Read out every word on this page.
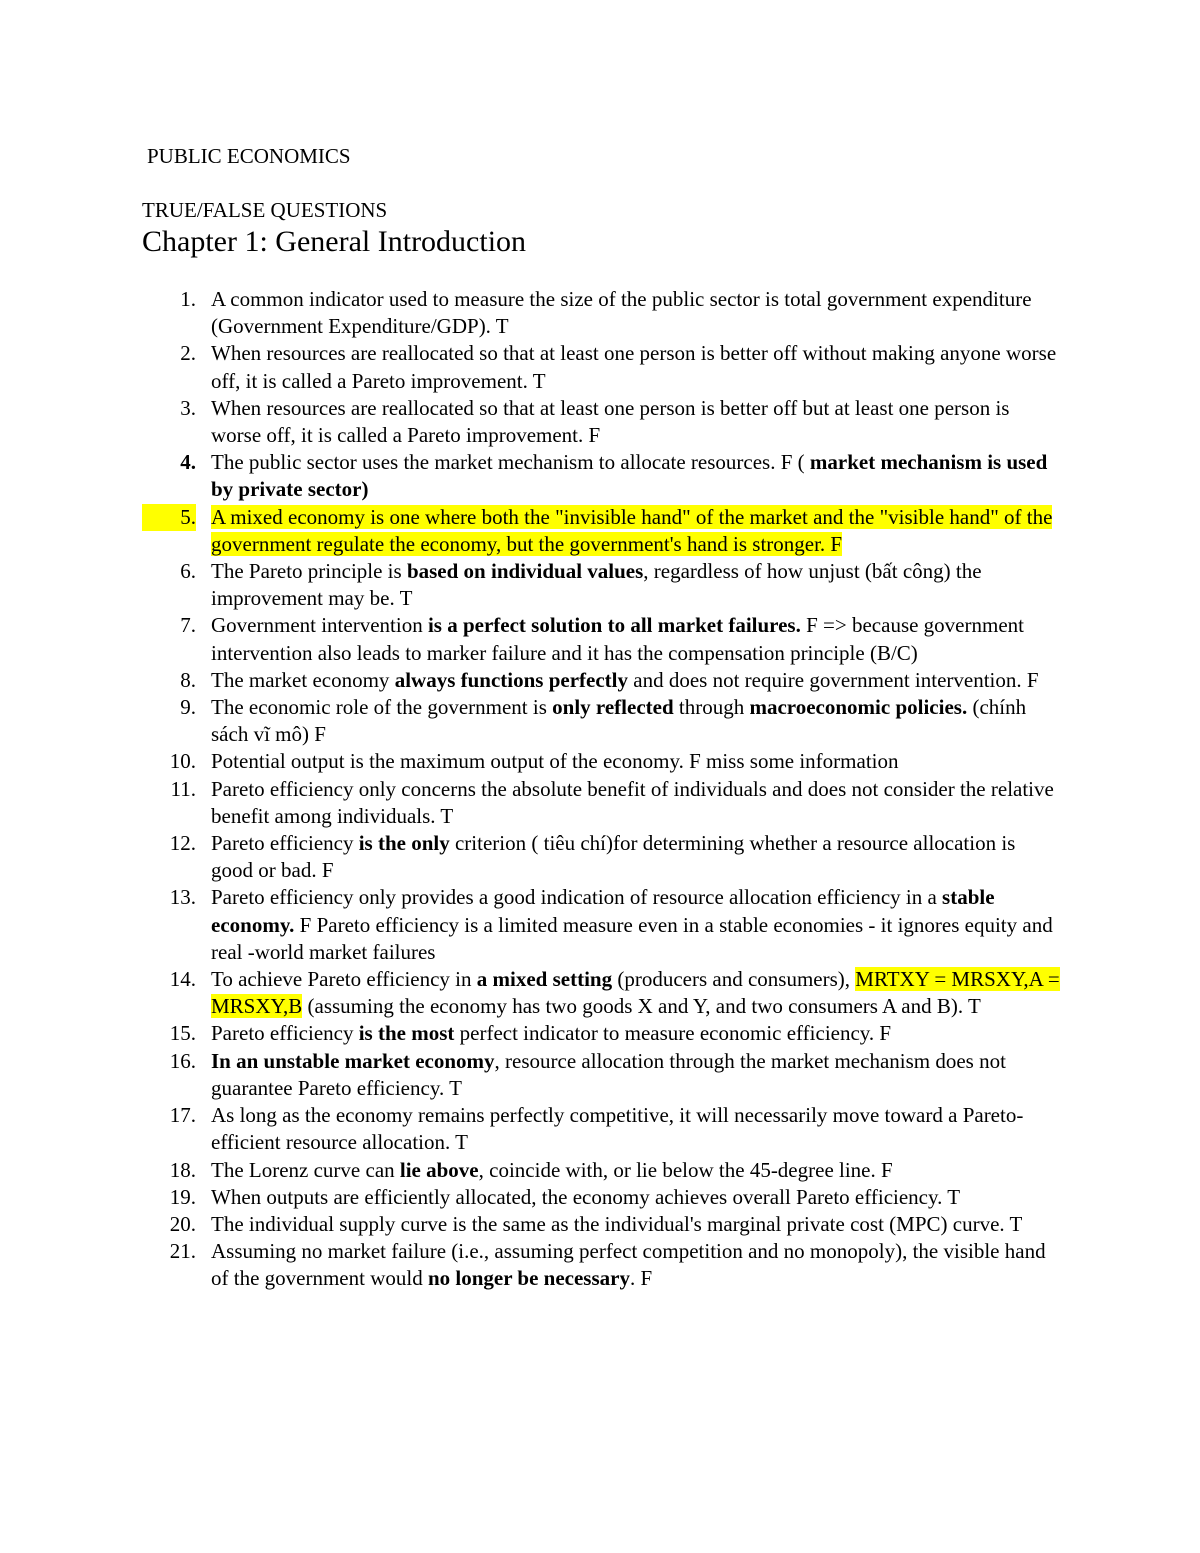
PUBLIC ECONOMICS
TRUE/FALSE QUESTIONS
Chapter 1: General Introduction
1. A common indicator used to measure the size of the public sector is total government expenditure (Government Expenditure/GDP). T
2. When resources are reallocated so that at least one person is better off without making anyone worse off, it is called a Pareto improvement. T
3. When resources are reallocated so that at least one person is better off but at least one person is worse off, it is called a Pareto improvement. F
4. The public sector uses the market mechanism to allocate resources. F ( market mechanism is used by private sector)
5. A mixed economy is one where both the "invisible hand" of the market and the "visible hand" of the government regulate the economy, but the government's hand is stronger. F
6. The Pareto principle is based on individual values, regardless of how unjust (bất công) the improvement may be. T
7. Government intervention is a perfect solution to all market failures. F => because government intervention also leads to marker failure and it has the compensation principle (B/C)
8. The market economy always functions perfectly and does not require government intervention. F
9. The economic role of the government is only reflected through macroeconomic policies. (chính sách vĩ mô) F
10. Potential output is the maximum output of the economy. F miss some information
11. Pareto efficiency only concerns the absolute benefit of individuals and does not consider the relative benefit among individuals. T
12. Pareto efficiency is the only criterion ( tiêu chí)for determining whether a resource allocation is good or bad. F
13. Pareto efficiency only provides a good indication of resource allocation efficiency in a stable economy. F Pareto efficiency is a limited measure even in a stable economies - it ignores equity and real -world market failures
14. To achieve Pareto efficiency in a mixed setting (producers and consumers), MRTXY = MRSXY,A = MRSXY,B (assuming the economy has two goods X and Y, and two consumers A and B). T
15. Pareto efficiency is the most perfect indicator to measure economic efficiency. F
16. In an unstable market economy, resource allocation through the market mechanism does not guarantee Pareto efficiency. T
17. As long as the economy remains perfectly competitive, it will necessarily move toward a Pareto-efficient resource allocation. T
18. The Lorenz curve can lie above, coincide with, or lie below the 45-degree line. F
19. When outputs are efficiently allocated, the economy achieves overall Pareto efficiency. T
20. The individual supply curve is the same as the individual's marginal private cost (MPC) curve. T
21. Assuming no market failure (i.e., assuming perfect competition and no monopoly), the visible hand of the government would no longer be necessary. F
